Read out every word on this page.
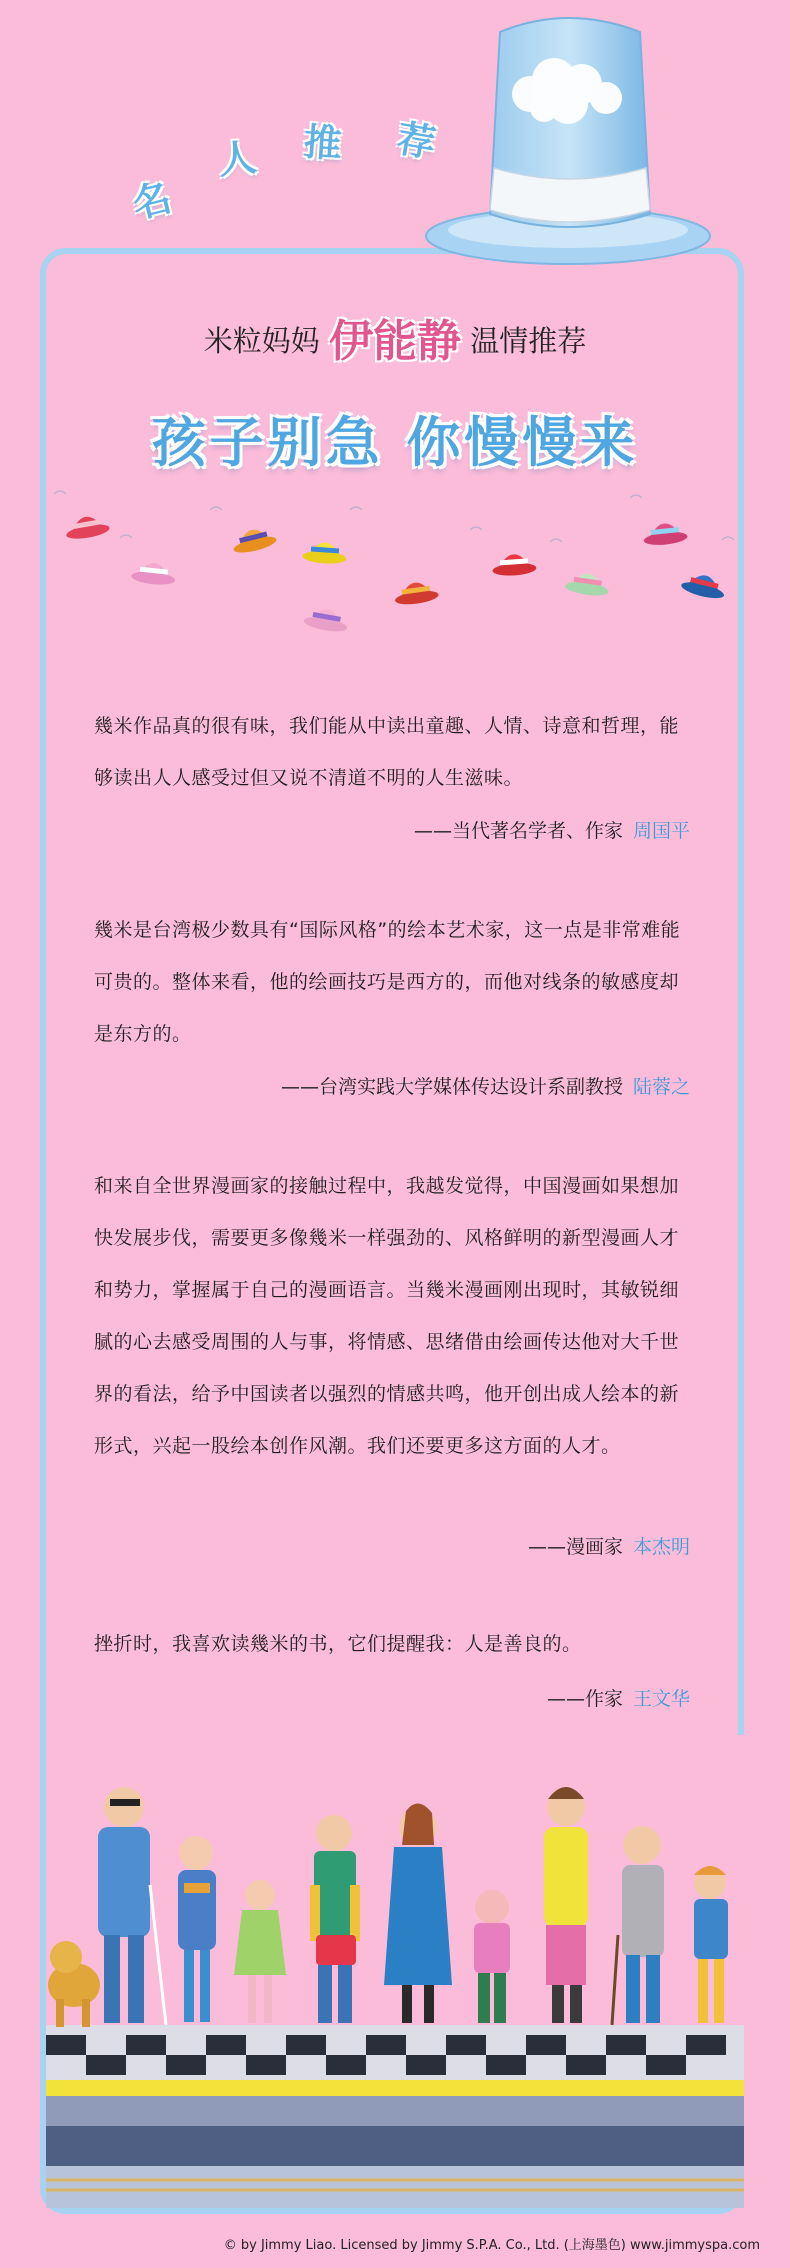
名
人 推 荐
米粒妈妈 伊能静 温情推荐
孩子别急 你慢慢来

幾米作品真的很有味，我们能从中读出童趣、人情、诗意和哲理，能够读出人人感受过但又说不清道不明的人生滋味。

——当代著名学者、作家 周国平

幾米是台湾极少数具有“国际风格”的绘本艺术家，这一点是非常难能可贵的。整体来看，他的绘画技巧是西方的，而他对线条的敏感度却是东方的。

——台湾实践大学媒体传达设计系副教授 陆蓉之

和来自全世界漫画家的接触过程中，我越发觉得，中国漫画如果想加快发展步伐，需要更多像幾米一样强劲的、风格鲜明的新型漫画人才和势力，掌握属于自己的漫画语言。当幾米漫画刚出现时，其敏锐细腻的心去感受周围的人与事，将情感、思绪借由绘画传达他对大千世界的看法，给予中国读者以强烈的情感共鸣，他开创出成人绘本的新形式，兴起一股绘本创作风潮。我们还要更多这方面的人才。

——漫画家 本杰明

挫折时，我喜欢读幾米的书，它们提醒我：人是善良的。

——作家 王文华
© by Jimmy Liao. Licensed by Jimmy S.P.A. Co., Ltd. (上海墨色) www.jimmyspa.com
